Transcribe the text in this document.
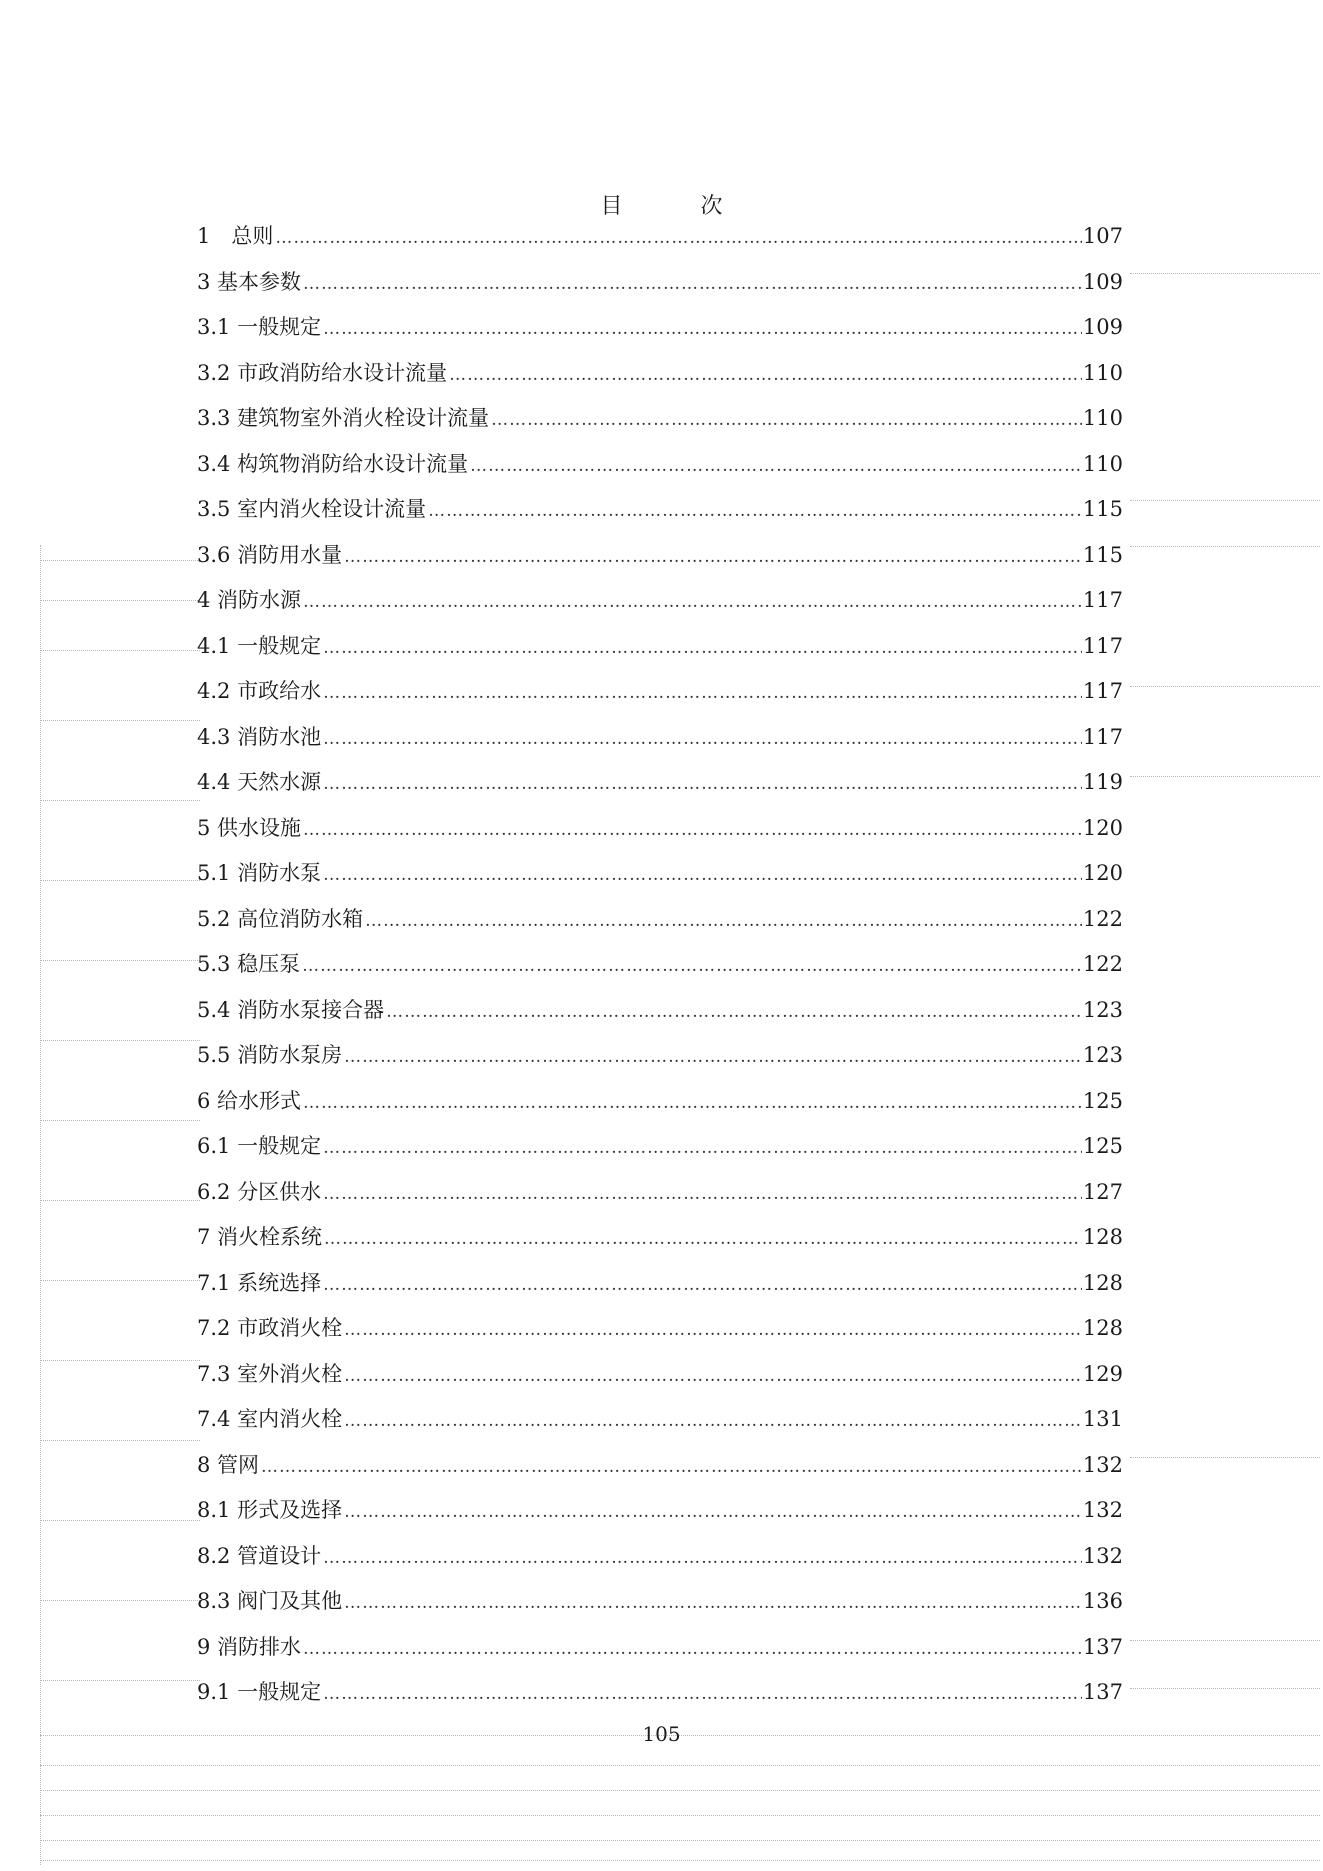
目　次
1　总则 …………………………………………………………………………………………………………………………………………………………………………………………………………………………	107
3 基本参数 …………………………………………………………………………………………………………………………………………………………………………………………………………………………	109
3.1 一般规定 …………………………………………………………………………………………………………………………………………………………………………………………………………………………	109
3.2 市政消防给水设计流量 …………………………………………………………………………………………………………………………………………………………………………………………………………………………	110
3.3 建筑物室外消火栓设计流量 …………………………………………………………………………………………………………………………………………………………………………………………………………………………	110
3.4 构筑物消防给水设计流量 …………………………………………………………………………………………………………………………………………………………………………………………………………………………	110
3.5 室内消火栓设计流量 …………………………………………………………………………………………………………………………………………………………………………………………………………………………	115
3.6 消防用水量 …………………………………………………………………………………………………………………………………………………………………………………………………………………………	115
4 消防水源 …………………………………………………………………………………………………………………………………………………………………………………………………………………………	117
4.1 一般规定 …………………………………………………………………………………………………………………………………………………………………………………………………………………………	117
4.2 市政给水 …………………………………………………………………………………………………………………………………………………………………………………………………………………………	117
4.3 消防水池 …………………………………………………………………………………………………………………………………………………………………………………………………………………………	117
4.4 天然水源 …………………………………………………………………………………………………………………………………………………………………………………………………………………………	119
5 供水设施 …………………………………………………………………………………………………………………………………………………………………………………………………………………………	120
5.1 消防水泵 …………………………………………………………………………………………………………………………………………………………………………………………………………………………	120
5.2 高位消防水箱 …………………………………………………………………………………………………………………………………………………………………………………………………………………………	122
5.3 稳压泵 …………………………………………………………………………………………………………………………………………………………………………………………………………………………	122
5.4 消防水泵接合器 …………………………………………………………………………………………………………………………………………………………………………………………………………………………	123
5.5 消防水泵房 …………………………………………………………………………………………………………………………………………………………………………………………………………………………	123
6 给水形式 …………………………………………………………………………………………………………………………………………………………………………………………………………………………	125
6.1 一般规定 …………………………………………………………………………………………………………………………………………………………………………………………………………………………	125
6.2 分区供水 …………………………………………………………………………………………………………………………………………………………………………………………………………………………	127
7 消火栓系统 …………………………………………………………………………………………………………………………………………………………………………………………………………………………	128
7.1 系统选择 …………………………………………………………………………………………………………………………………………………………………………………………………………………………	128
7.2 市政消火栓 …………………………………………………………………………………………………………………………………………………………………………………………………………………………	128
7.3 室外消火栓 …………………………………………………………………………………………………………………………………………………………………………………………………………………………	129
7.4 室内消火栓 …………………………………………………………………………………………………………………………………………………………………………………………………………………………	131
8 管网 …………………………………………………………………………………………………………………………………………………………………………………………………………………………	132
8.1 形式及选择 …………………………………………………………………………………………………………………………………………………………………………………………………………………………	132
8.2 管道设计 …………………………………………………………………………………………………………………………………………………………………………………………………………………………	132
8.3 阀门及其他 …………………………………………………………………………………………………………………………………………………………………………………………………………………………	136
9 消防排水 …………………………………………………………………………………………………………………………………………………………………………………………………………………………	137
9.1 一般规定 …………………………………………………………………………………………………………………………………………………………………………………………………………………………	137
105
